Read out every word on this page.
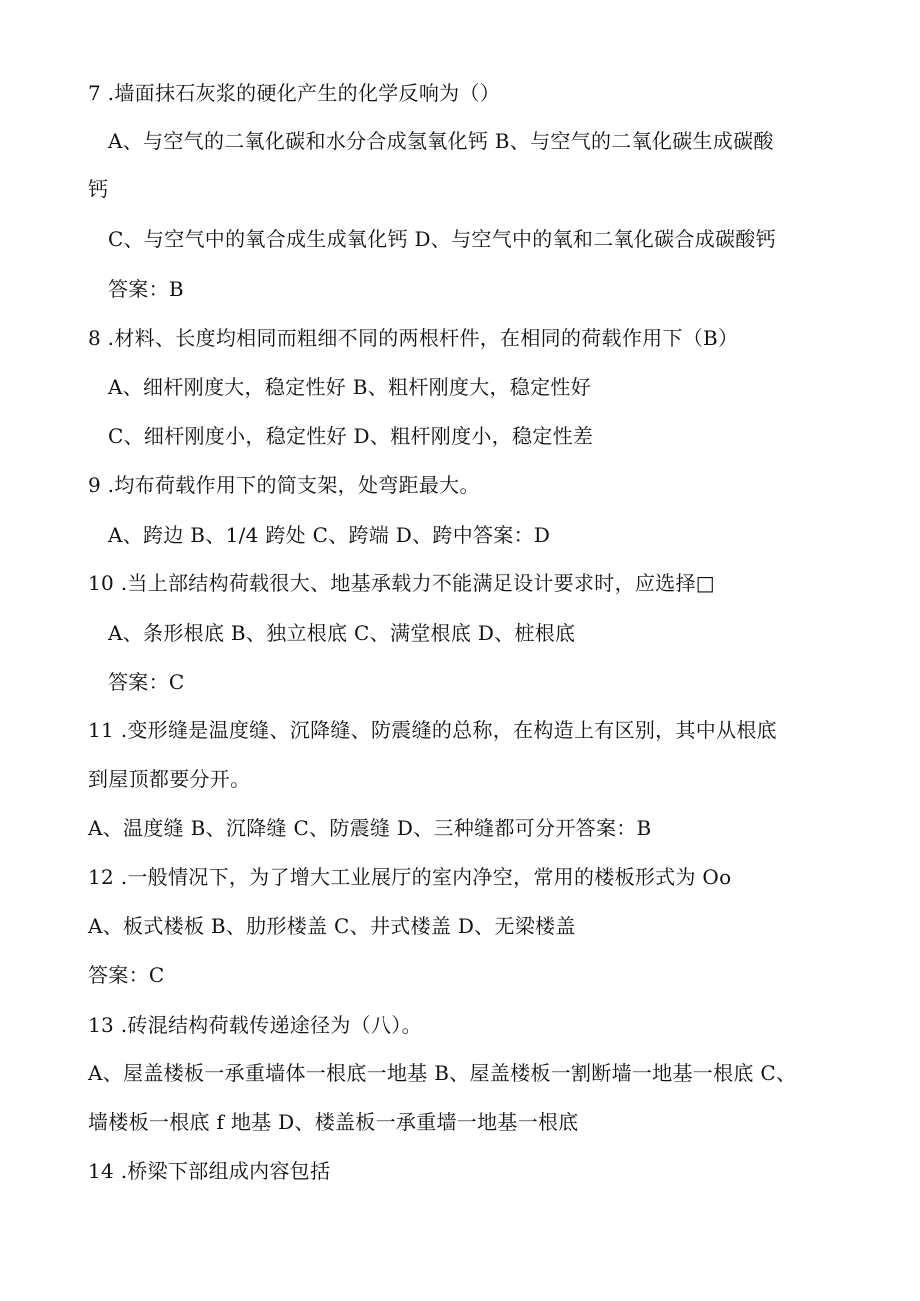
7 .墙面抹石灰浆的硬化产生的化学反响为（）
A、与空气的二氧化碳和水分合成氢氧化钙 B、与空气的二氧化碳生成碳酸
钙
C、与空气中的氧合成生成氧化钙 D、与空气中的氧和二氧化碳合成碳酸钙
答案：B
8 .材料、长度均相同而粗细不同的两根杆件，在相同的荷载作用下（B）
A、细杆刚度大，稳定性好 B、粗杆刚度大，稳定性好
C、细杆刚度小，稳定性好 D、粗杆刚度小，稳定性差
9 .均布荷载作用下的简支架，处弯距最大。
A、跨边 B、1/4 跨处 C、跨端 D、跨中答案：D
10 .当上部结构荷载很大、地基承载力不能满足设计要求时，应选择□
A、条形根底 B、独立根底 C、满堂根底 D、桩根底
答案：C
11 .变形缝是温度缝、沉降缝、防震缝的总称，在构造上有区别，其中从根底
到屋顶都要分开。
A、温度缝 B、沉降缝 C、防震缝 D、三种缝都可分开答案：B
12 .一般情况下，为了增大工业展厅的室内净空，常用的楼板形式为 Oo
A、板式楼板 B、肋形楼盖 C、井式楼盖 D、无梁楼盖
答案：C
13 .砖混结构荷载传递途径为（八）。
A、屋盖楼板一承重墙体一根底一地基 B、屋盖楼板一割断墙一地基一根底 C、
墙楼板一根底 f 地基 D、楼盖板一承重墙一地基一根底
14 .桥梁下部组成内容包括
